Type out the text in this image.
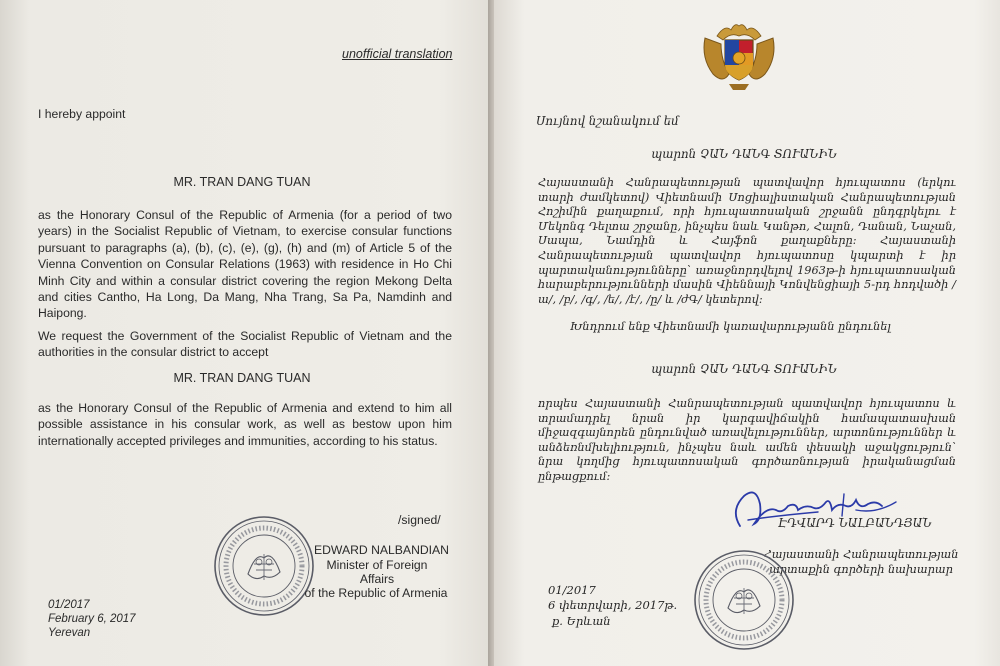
unofficial translation
I hereby appoint
MR. TRAN DANG TUAN
as the Honorary Consul of the Republic of Armenia (for a period of two years) in the Socialist Republic of Vietnam, to exercise consular functions pursuant to paragraphs (a), (b), (c), (e), (g), (h) and (m) of Article 5 of the Vienna Convention on Consular Relations (1963) with residence in Ho Chi Minh City and within a consular district covering the region Mekong Delta and cities Cantho, Ha Long, Da Mang, Nha Trang, Sa Pa, Namdinh and Haipong.
We request the Government of the Socialist Republic of Vietnam and the authorities in the consular district to accept
MR. TRAN DANG TUAN
as the Honorary Consul of the Republic of Armenia and extend to him all possible assistance in his consular work, as well as bestow upon him internationally accepted privileges and immunities, according to his status.
/signed/
EDWARD NALBANDIAN
Minister of Foreign
Affairs
of the Republic of Armenia
01/2017
February 6, 2017
Yerevan
Սույնով նշանակում եմ
պարոն ՉԱՆ ԴԱՆԳ ՏՈՒԱՆԻՆ
Հայաստանի Հանրապետության պատվավոր հյուպատոս (երկու տարի ժամկետով) Վիետնամի Սոցիալիստական Հանրապետության Հոշիմին քաղաքում, որի հյուպատոսական շրջանն ընդգրկելու է Մեկոնգ Դելտա շրջանը, ինչպես նաև Կանթո, Հալոն, Դանան, Նաչան, Սապա, Նամդին և Հայֆոն քաղաքները: Հայաստանի Հանրապետության պատվավոր հյուպատոսը կպարտի է իր պարտականությունները՝ առաջնորդվելով 1963թ-ի հյուպատոսական հարաբերությունների մասին Վիեննայի Կոնվենցիայի 5-րդ հոդվածի /ա/, /բ/, /գ/, /ե/, /է/, /ը/ և /ժԳ/ կետերով:
Խնդրում ենք Վիետնամի կառավարությանն ընդունել
պարոն ՉԱՆ ԴԱՆԳ ՏՈՒԱՆԻՆ
որպես Հայաստանի Հանրապետության պատվավոր հյուպատոս և տրամադրել նրան իր կարգավիճակին համապատասխան միջազգայնորեն ընդունված առավելություններ, արտոնություններ և անձեռնմխելիություն, ինչպես նաև ամեն փեսակի աջակցություն՝ նրա կողմից հյուպատոսական գործառնության իրականացման ընթացքում:
ԷԴՎԱՐԴ ՆԱԼԲԱՆԴՅԱՆ
Հայաստանի Հանրապետության
արտաքին գործերի նախարար
01/2017
6 փետրվարի, 2017թ.
ք. Երևան
